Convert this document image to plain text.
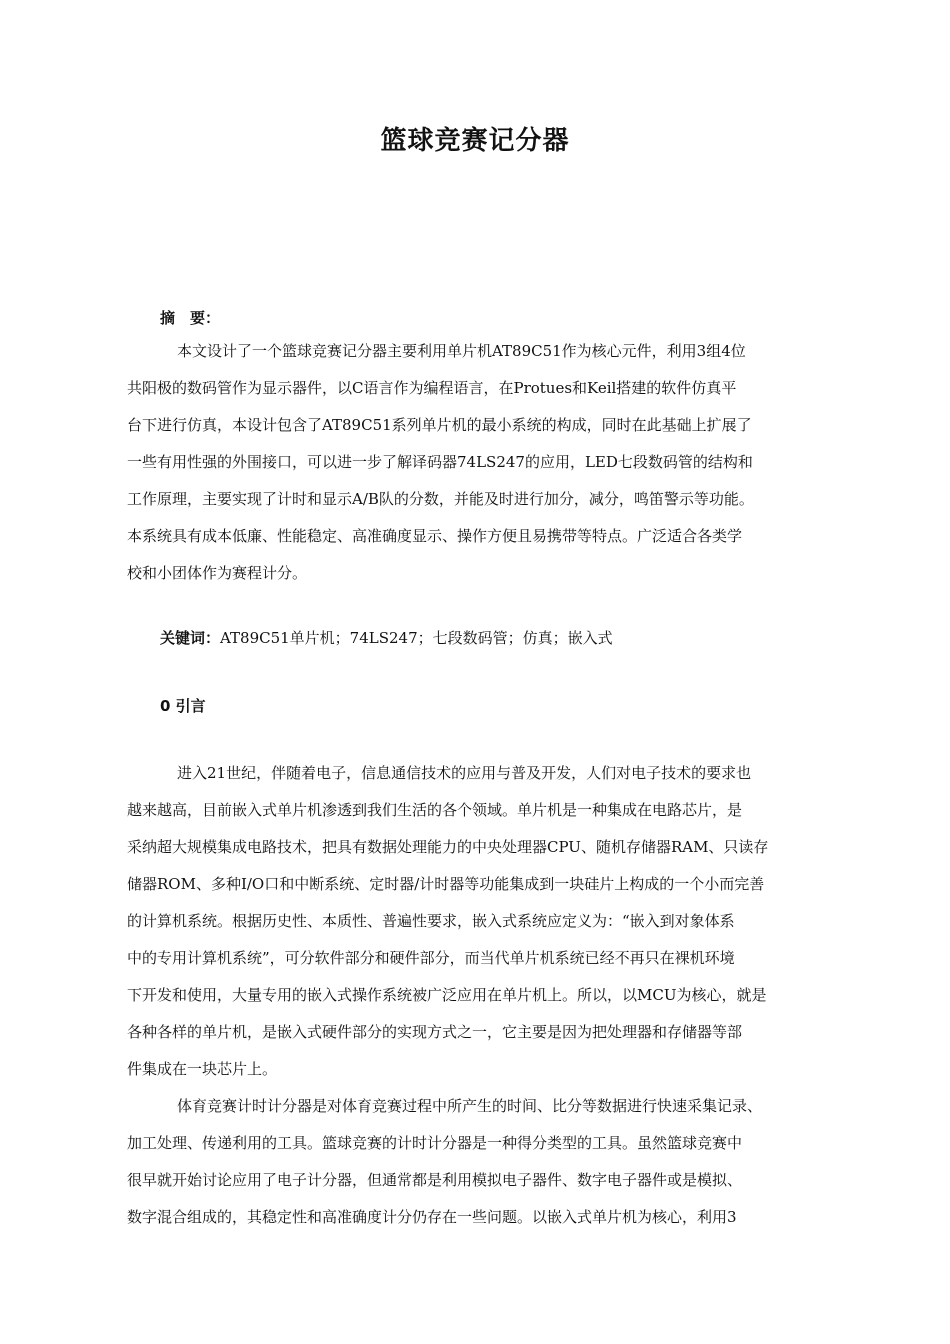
篮球竞赛记分器

摘　要：

本文设计了一个篮球竞赛记分器主要利用单片机AT89C51作为核心元件，利用3组4位
共阳极的数码管作为显示器件，以C语言作为编程语言，在Protues和Keil搭建的软件仿真平
台下进行仿真，本设计包含了AT89C51系列单片机的最小系统的构成，同时在此基础上扩展了
一些有用性强的外围接口，可以进一步了解译码器74LS247的应用，LED七段数码管的结构和
工作原理，主要实现了计时和显示A/B队的分数，并能及时进行加分，减分，鸣笛警示等功能。
本系统具有成本低廉、性能稳定、高准确度显示、操作方便且易携带等特点。广泛适合各类学
校和小团体作为赛程计分。

关键词：AT89C51单片机；74LS247；七段数码管；仿真；嵌入式

0 引言

进入21世纪，伴随着电子，信息通信技术的应用与普及开发，人们对电子技术的要求也
越来越高，目前嵌入式单片机渗透到我们生活的各个领域。单片机是一种集成在电路芯片，是
采纳超大规模集成电路技术，把具有数据处理能力的中央处理器CPU、随机存储器RAM、只读存
储器ROM、多种I/O口和中断系统、定时器/计时器等功能集成到一块硅片上构成的一个小而完善
的计算机系统。根据历史性、本质性、普遍性要求，嵌入式系统应定义为：“嵌入到对象体系
中的专用计算机系统”，可分软件部分和硬件部分，而当代单片机系统已经不再只在裸机环境
下开发和使用，大量专用的嵌入式操作系统被广泛应用在单片机上。所以，以MCU为核心，就是
各种各样的单片机，是嵌入式硬件部分的实现方式之一，它主要是因为把处理器和存储器等部
件集成在一块芯片上。
体育竞赛计时计分器是对体育竞赛过程中所产生的时间、比分等数据进行快速采集记录、
加工处理、传递利用的工具。篮球竞赛的计时计分器是一种得分类型的工具。虽然篮球竞赛中
很早就开始讨论应用了电子计分器，但通常都是利用模拟电子器件、数字电子器件或是模拟、
数字混合组成的，其稳定性和高准确度计分仍存在一些问题。以嵌入式单片机为核心，利用3
